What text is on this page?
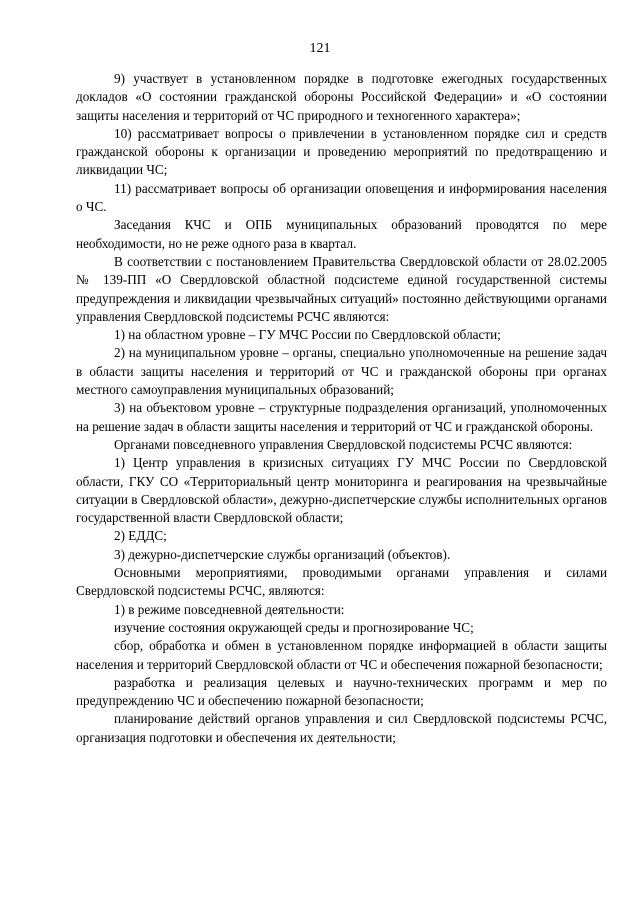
121

9) участвует в установленном порядке в подготовке ежегодных государственных докладов «О состоянии гражданской обороны Российской Федерации» и «О состоянии защиты населения и территорий от ЧС природного и техногенного характера»;

10) рассматривает вопросы о привлечении в установленном порядке сил и средств гражданской обороны к организации и проведению мероприятий по предотвращению и ликвидации ЧС;

11) рассматривает вопросы об организации оповещения и информирования населения о ЧС.

Заседания КЧС и ОПБ муниципальных образований проводятся по мере необходимости, но не реже одного раза в квартал.

В соответствии с постановлением Правительства Свердловской области от 28.02.2005 № 139-ПП «О Свердловской областной подсистеме единой государственной системы предупреждения и ликвидации чрезвычайных ситуаций» постоянно действующими органами управления Свердловской подсистемы РСЧС являются:

1) на областном уровне – ГУ МЧС России по Свердловской области;

2) на муниципальном уровне – органы, специально уполномоченные на решение задач в области защиты населения и территорий от ЧС и гражданской обороны при органах местного самоуправления муниципальных образований;

3) на объектовом уровне – структурные подразделения организаций, уполномоченных на решение задач в области защиты населения и территорий от ЧС и гражданской обороны.

Органами повседневного управления Свердловской подсистемы РСЧС являются:

1) Центр управления в кризисных ситуациях ГУ МЧС России по Свердловской области, ГКУ СО «Территориальный центр мониторинга и реагирования на чрезвычайные ситуации в Свердловской области», дежурно-диспетчерские службы исполнительных органов государственной власти Свердловской области;

2) ЕДДС;

3) дежурно-диспетчерские службы организаций (объектов).

Основными мероприятиями, проводимыми органами управления и силами Свердловской подсистемы РСЧС, являются:

1) в режиме повседневной деятельности:

изучение состояния окружающей среды и прогнозирование ЧС;

сбор, обработка и обмен в установленном порядке информацией в области защиты населения и территорий Свердловской области от ЧС и обеспечения пожарной безопасности;

разработка и реализация целевых и научно-технических программ и мер по предупреждению ЧС и обеспечению пожарной безопасности;

планирование действий органов управления и сил Свердловской подсистемы РСЧС, организация подготовки и обеспечения их деятельности;
